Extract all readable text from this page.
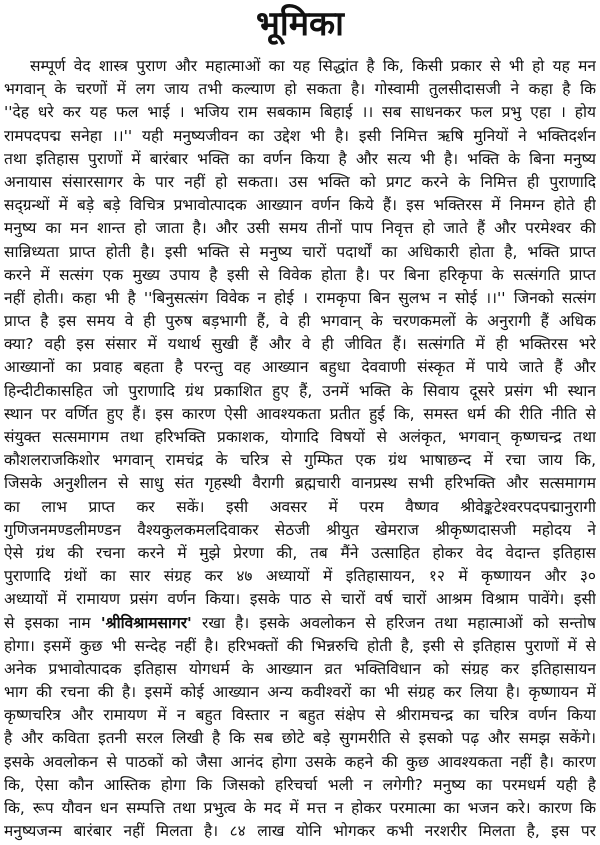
भूमिका
सम्पूर्ण वेद शास्त्र पुराण और महात्माओं का यह सिद्धांत है कि, किसी प्रकार से भी हो यह मन
भगवान् के चरणों में लग जाय तभी कल्याण हो सकता है। गोस्वामी तुलसीदासजी ने कहा है कि
''देह धरे कर यह फल भाई । भजिय राम सबकाम बिहाई ।। सब साधनकर फल प्रभु एहा । होय
रामपदपद्म सनेहा ।।'' यही मनुष्यजीवन का उद्देश भी है। इसी निमित्त ऋषि मुनियों ने भक्तिदर्शन
तथा इतिहास पुराणों में बारंबार भक्ति का वर्णन किया है और सत्य भी है। भक्ति के बिना मनुष्य
अनायास संसारसागर के पार नहीं हो सकता। उस भक्ति को प्रगट करने के निमित्त ही पुराणादि
सद्ग्रन्थों में बड़े बड़े विचित्र प्रभावोत्पादक आख्यान वर्णन किये हैं। इस भक्तिरस में निमग्न होते ही
मनुष्य का मन शान्त हो जाता है। और उसी समय तीनों पाप निवृत्त हो जाते हैं और परमेश्वर की
सान्निध्यता प्राप्त होती है। इसी भक्ति से मनुष्य चारों पदार्थों का अधिकारी होता है, भक्ति प्राप्त
करने में सत्संग एक मुख्य उपाय है इसी से विवेक होता है। पर बिना हरिकृपा के सत्संगति प्राप्त
नहीं होती। कहा भी है ''बिनुसत्संग विवेक न होई । रामकृपा बिन सुलभ न सोई ।।'' जिनको सत्संग
प्राप्त है इस समय वे ही पुरुष बड़भागी हैं, वे ही भगवान् के चरणकमलों के अनुरागी हैं अधिक
क्या? वही इस संसार में यथार्थ सुखी हैं और वे ही जीवित हैं। सत्संगति में ही भक्तिरस भरे
आख्यानों का प्रवाह बहता है परन्तु वह आख्यान बहुधा देववाणी संस्कृत में पाये जाते हैं और
हिन्दीटीकासहित जो पुराणादि ग्रंथ प्रकाशित हुए हैं, उनमें भक्ति के सिवाय दूसरे प्रसंग भी स्थान
स्थान पर वर्णित हुए हैं। इस कारण ऐसी आवश्यकता प्रतीत हुई कि, समस्त धर्म की रीति नीति से
संयुक्त सत्समागम तथा हरिभक्ति प्रकाशक, योगादि विषयों से अलंकृत, भगवान् कृष्णचन्द्र तथा
कौशलराजकिशोर भगवान् रामचंद्र के चरित्र से गुम्फित एक ग्रंथ भाषाछन्द में रचा जाय कि,
जिसके अनुशीलन से साधु संत गृहस्थी वैरागी ब्रह्मचारी वानप्रस्थ सभी हरिभक्ति और सत्समागम
का लाभ प्राप्त कर सकें। इसी अवसर में परम वैष्णव श्रीवेङ्कटेश्वरपदपद्मानुरागी
गुणिजनमण्डलीमण्डन वैश्यकुलकमलदिवाकर सेठजी श्रीयुत खेमराज श्रीकृष्णदासजी महोदय ने
ऐसे ग्रंथ की रचना करने में मुझे प्रेरणा की, तब मैंने उत्साहित होकर वेद वेदान्त इतिहास
पुराणादि ग्रंथों का सार संग्रह कर ४७ अध्यायों में इतिहासायन, १२ में कृष्णायन और ३०
अध्यायों में रामायण प्रसंग वर्णन किया। इसके पाठ से चारों वर्ष चारों आश्रम विश्राम पावेंगे। इसी
से इसका नाम 'श्रीविश्रामसागर' रखा है। इसके अवलोकन से हरिजन तथा महात्माओं को सन्तोष
होगा। इसमें कुछ भी सन्देह नहीं है। हरिभक्तों की भिन्नरुचि होती है, इसी से इतिहास पुराणों में से
अनेक प्रभावोत्पादक इतिहास योगधर्म के आख्यान व्रत भक्तिविधान को संग्रह कर इतिहासायन
भाग की रचना की है। इसमें कोई आख्यान अन्य कवीश्वरों का भी संग्रह कर लिया है। कृष्णायन में
कृष्णचरित्र और रामायण में न बहुत विस्तार न बहुत संक्षेप से श्रीरामचन्द्र का चरित्र वर्णन किया
है और कविता इतनी सरल लिखी है कि सब छोटे बड़े सुगमरीति से इसको पढ़ और समझ सकेंगे।
इसके अवलोकन से पाठकों को जैसा आनंद होगा उसके कहने की कुछ आवश्यकता नहीं है। कारण
कि, ऐसा कौन आस्तिक होगा कि जिसको हरिचर्चा भली न लगेगी? मनुष्य का परमधर्म यही है
कि, रूप यौवन धन सम्पत्ति तथा प्रभुत्व के मद में मत्त न होकर परमात्मा का भजन करे। कारण कि
मनुष्यजन्म बारंबार नहीं मिलता है। ८४ लाख योनि भोगकर कभी नरशरीर मिलता है, इस पर
